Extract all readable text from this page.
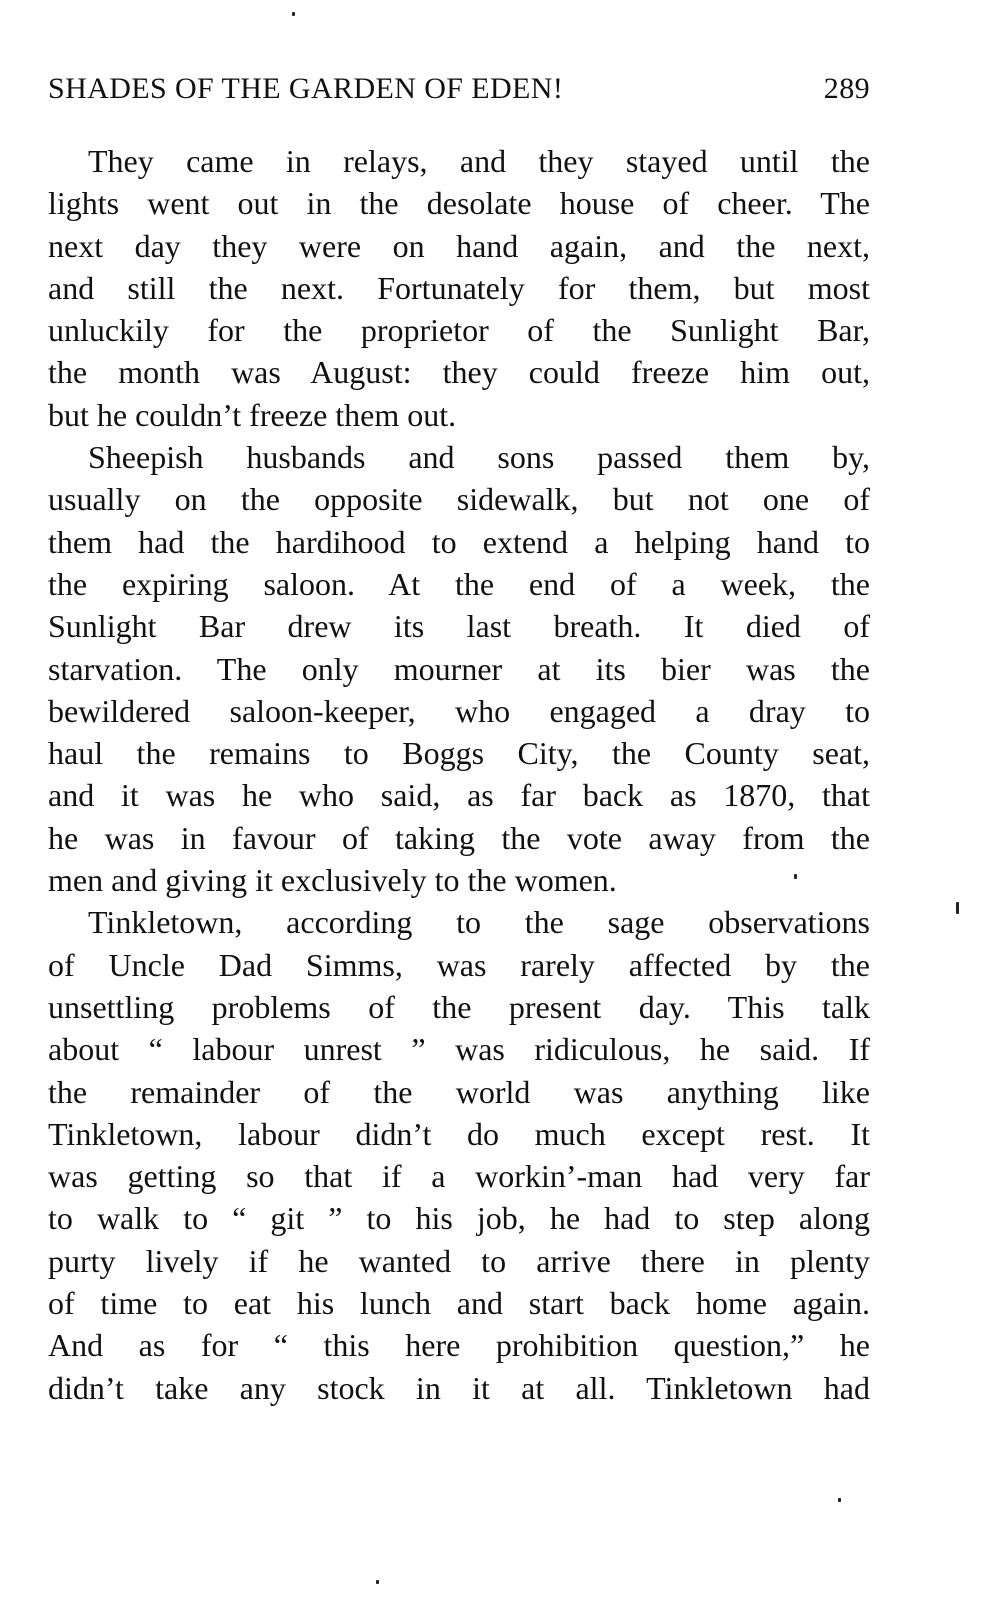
SHADES OF THE GARDEN OF EDEN!	289
They came in relays, and they stayed until the
lights went out in the desolate house of cheer. The
next day they were on hand again, and the next,
and still the next. Fortunately for them, but most
unluckily for the proprietor of the Sunlight Bar,
the month was August: they could freeze him out,
but he couldn’t freeze them out.
Sheepish husbands and sons passed them by,
usually on the opposite sidewalk, but not one of
them had the hardihood to extend a helping hand to
the expiring saloon. At the end of a week, the
Sunlight Bar drew its last breath. It died of
starvation. The only mourner at its bier was the
bewildered saloon-keeper, who engaged a dray to
haul the remains to Boggs City, the County seat,
and it was he who said, as far back as 1870, that
he was in favour of taking the vote away from the
men and giving it exclusively to the women.
Tinkletown, according to the sage observations
of Uncle Dad Simms, was rarely affected by the
unsettling problems of the present day. This talk
about “ labour unrest ” was ridiculous, he said. If
the remainder of the world was anything like
Tinkletown, labour didn’t do much except rest. It
was getting so that if a workin’-man had very far
to walk to “ git ” to his job, he had to step along
purty lively if he wanted to arrive there in plenty
of time to eat his lunch and start back home again.
And as for “ this here prohibition question,” he
didn’t take any stock in it at all. Tinkletown had
